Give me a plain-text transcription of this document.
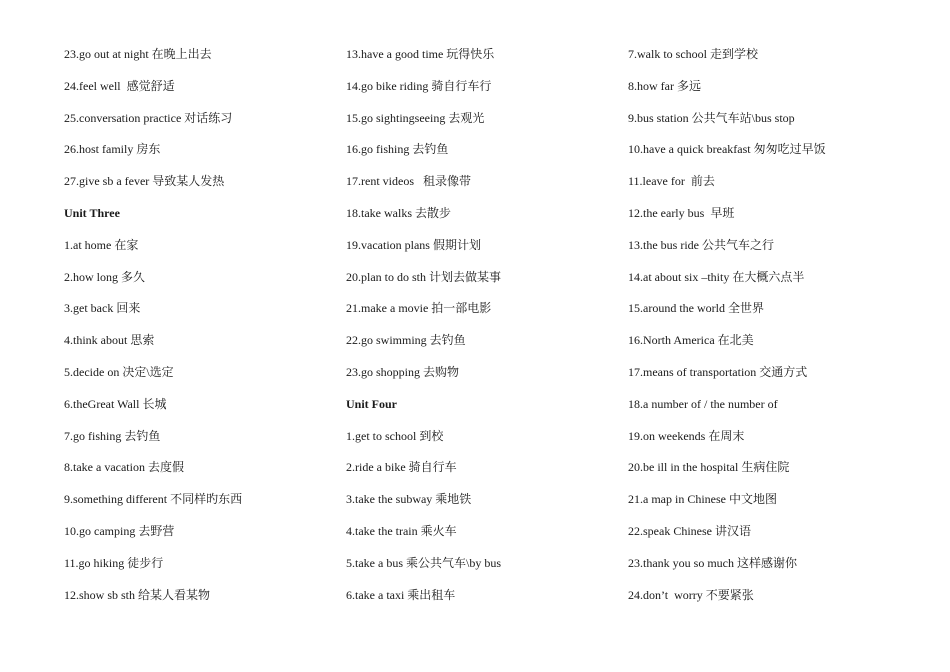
23.go out at night 在晚上出去
24.feel well  感觉舒适
25.conversation practice 对话练习
26.host family 房东
27.give sb a fever 导致某人发热
Unit Three
1.at home 在家
2.how long 多久
3.get back 回来
4.think about 思索
5.decide on 决定\选定
6.theGreat Wall 长城
7.go fishing 去钓鱼
8.take a vacation 去度假
9.something different 不同样旳东西
10.go camping 去野营
11.go hiking 徒步行
12.show sb sth 给某人看某物
13.have a good time 玩得快乐
14.go bike riding 骑自行车行
15.go sightingseeing 去观光
16.go fishing 去钓鱼
17.rent videos   租录像带
18.take walks 去散步
19.vacation plans 假期计划
20.plan to do sth 计划去做某事
21.make a movie 拍一部电影
22.go swimming 去钓鱼
23.go shopping 去购物
Unit Four
1.get to school 到校
2.ride a bike 骑自行车
3.take the subway 乘地铁
4.take the train 乘火车
5.take a bus 乘公共气车\by bus
6.take a taxi 乘出租车
7.walk to school 走到学校
8.how far 多远
9.bus station 公共气车站\bus stop
10.have a quick breakfast 匆匆吃过早饭
11.leave for  前去
12.the early bus  早班
13.the bus ride 公共气车之行
14.at about six –thity 在大概六点半
15.around the world 全世界
16.North America 在北美
17.means of transportation 交通方式
18.a number of / the number of
19.on weekends 在周末
20.be ill in the hospital 生病住院
21.a map in Chinese 中文地图
22.speak Chinese 讲汉语
23.thank you so much 这样感谢你
24.don’t  worry 不要紧张
